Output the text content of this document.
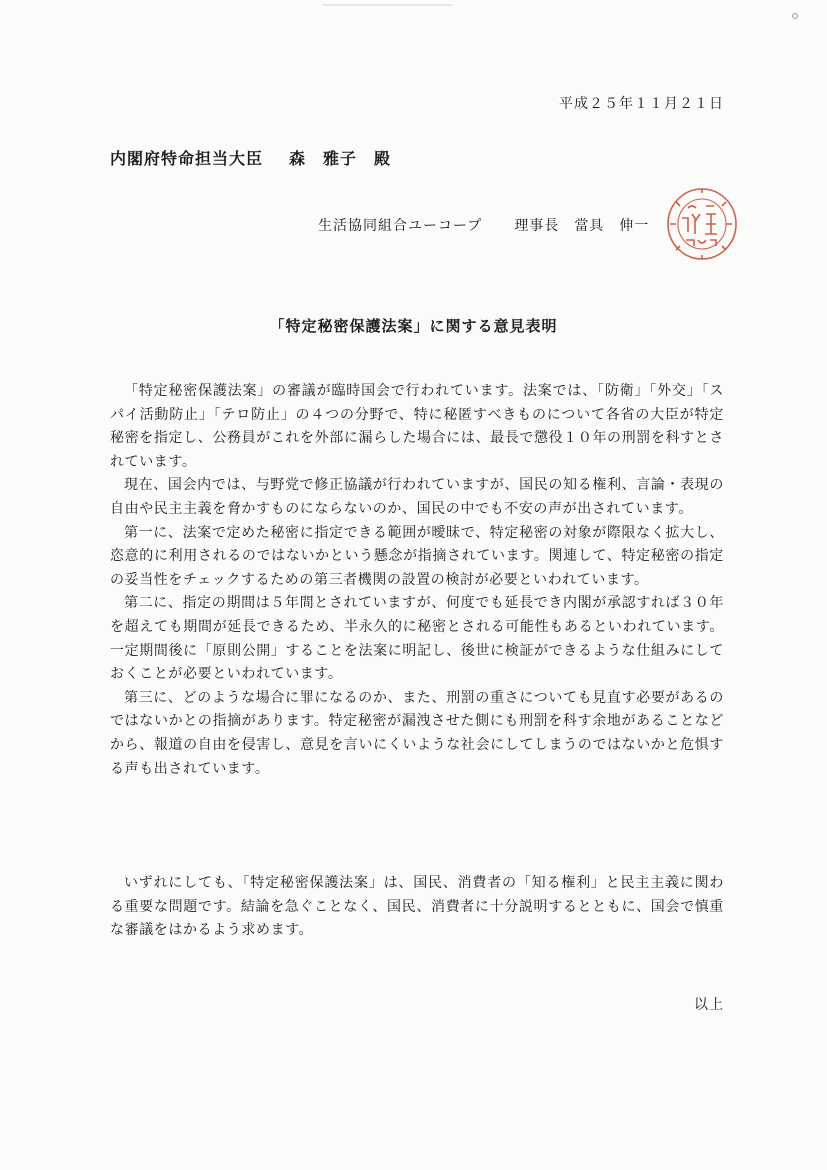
平成２５年１１月２１日
内閣府特命担当大臣 森　雅子　殿
生活協同組合ユーコープ 理事長　 當具　伸一
「特定秘密保護法案」に関する意見表明

「特定秘密保護法案」の審議が臨時国会で行われています。法案では、「防衛」「外交」「スパイ活動防止」「テロ防止」の４つの分野で、特に秘匿すべきものについて各省の大臣が特定秘密を指定し、公務員がこれを外部に漏らした場合には、最長で懲役１０年の刑罰を科すとされています。

現在、国会内では、与野党で修正協議が行われていますが、国民の知る権利、言論・表現の自由や民主主義を脅かすものにならないのか、国民の中でも不安の声が出されています。

第一に、法案で定めた秘密に指定できる範囲が曖昧で、特定秘密の対象が際限なく拡大し、恣意的に利用されるのではないかという懸念が指摘されています。関連して、特定秘密の指定の妥当性をチェックするための第三者機関の設置の検討が必要といわれています。

第二に、指定の期間は５年間とされていますが、何度でも延長でき内閣が承認すれば３０年を超えても期間が延長できるため、半永久的に秘密とされる可能性もあるといわれています。一定期間後に「原則公開」することを法案に明記し、後世に検証ができるような仕組みにしておくことが必要といわれています。

第三に、どのような場合に罪になるのか、また、刑罰の重さについても見直す必要があるのではないかとの指摘があります。特定秘密が漏洩させた側にも刑罰を科す余地があることなどから、報道の自由を侵害し、意見を言いにくいような社会にしてしまうのではないかと危惧する声も出されています。

いずれにしても、「特定秘密保護法案」は、国民、消費者の「知る権利」と民主主義に関わる重要な問題です。結論を急ぐことなく、国民、消費者に十分説明するとともに、国会で慎重な審議をはかるよう求めます。

以上
